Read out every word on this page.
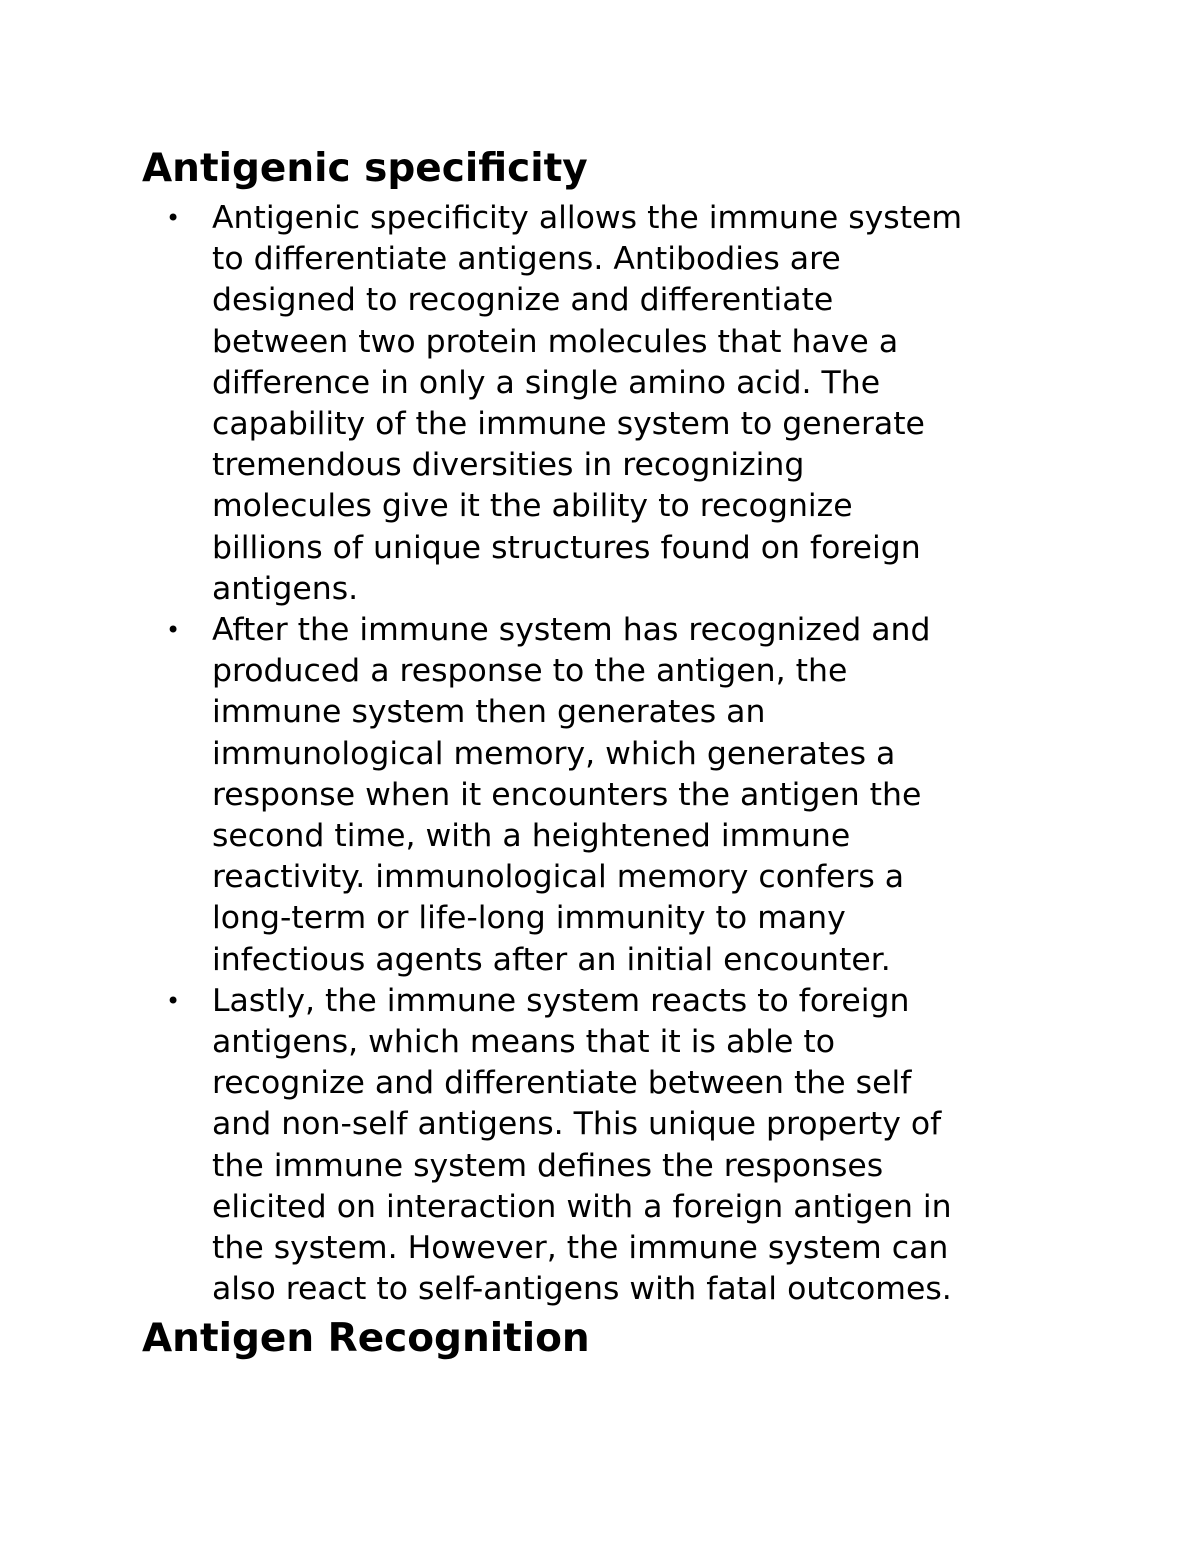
Antigenic specificity
• Antigenic specificity allows the immune system
to differentiate antigens. Antibodies are
designed to recognize and differentiate
between two protein molecules that have a
difference in only a single amino acid. The
capability of the immune system to generate
tremendous diversities in recognizing
molecules give it the ability to recognize
billions of unique structures found on foreign
antigens.
• After the immune system has recognized and
produced a response to the antigen, the
immune system then generates an
immunological memory, which generates a
response when it encounters the antigen the
second time, with a heightened immune
reactivity. immunological memory confers a
long-term or life-long immunity to many
infectious agents after an initial encounter.
• Lastly, the immune system reacts to foreign
antigens, which means that it is able to
recognize and differentiate between the self
and non-self antigens. This unique property of
the immune system defines the responses
elicited on interaction with a foreign antigen in
the system. However, the immune system can
also react to self-antigens with fatal outcomes.
Antigen Recognition
